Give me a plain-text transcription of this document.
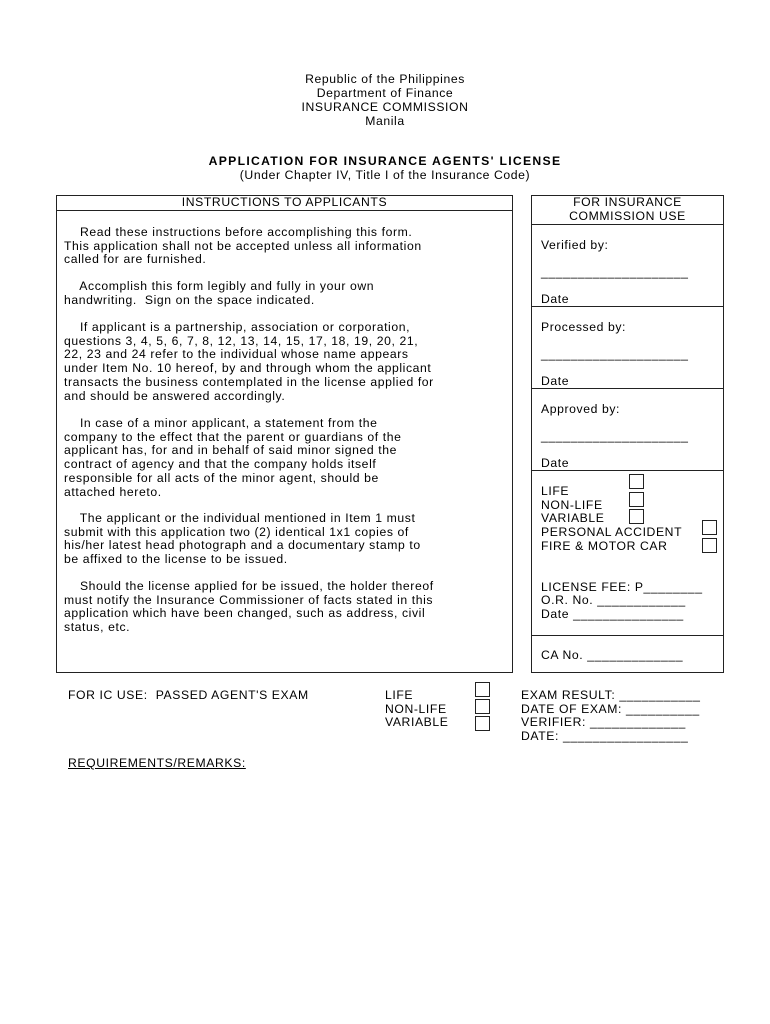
Republic of the Philippines
Department of Finance
INSURANCE COMMISSION
Manila
APPLICATION FOR INSURANCE AGENTS' LICENSE
(Under Chapter IV, Title I of the Insurance Code)
INSTRUCTIONS TO APPLICANTS
Read these instructions before accomplishing this form.
This application shall not be accepted unless all information
called for are furnished.
Accomplish this form legibly and fully in your own
handwriting.  Sign on the space indicated.
If applicant is a partnership, association or corporation,
questions 3, 4, 5, 6, 7, 8, 12, 13, 14, 15, 17, 18, 19, 20, 21,
22, 23 and 24 refer to the individual whose name appears
under Item No. 10 hereof, by and through whom the applicant
transacts the business contemplated in the license applied for
and should be answered accordingly.
In case of a minor applicant, a statement from the
company to the effect that the parent or guardians of the
applicant has, for and in behalf of said minor signed the
contract of agency and that the company holds itself
responsible for all acts of the minor agent, should be
attached hereto.
The applicant or the individual mentioned in Item 1 must
submit with this application two (2) identical 1x1 copies of
his/her latest head photograph and a documentary stamp to
be affixed to the license to be issued.
Should the license applied for be issued, the holder thereof
must notify the Insurance Commissioner of facts stated in this
application which have been changed, such as address, civil
status, etc.
FOR INSURANCE
COMMISSION USE
Verified by:
____________________
Date
Processed by:
____________________
Date
Approved by:
____________________
Date
LIFE
NON-LIFE
VARIABLE
PERSONAL ACCIDENT
FIRE & MOTOR CAR
LICENSE FEE: P________
O.R. No. ____________
Date _______________
CA No. _____________
FOR IC USE:  PASSED AGENT'S EXAM	LIFE
NON-LIFE
VARIABLE
EXAM RESULT: ___________
DATE OF EXAM: __________
VERIFIER: _____________
DATE: _________________
REQUIREMENTS/REMARKS:
